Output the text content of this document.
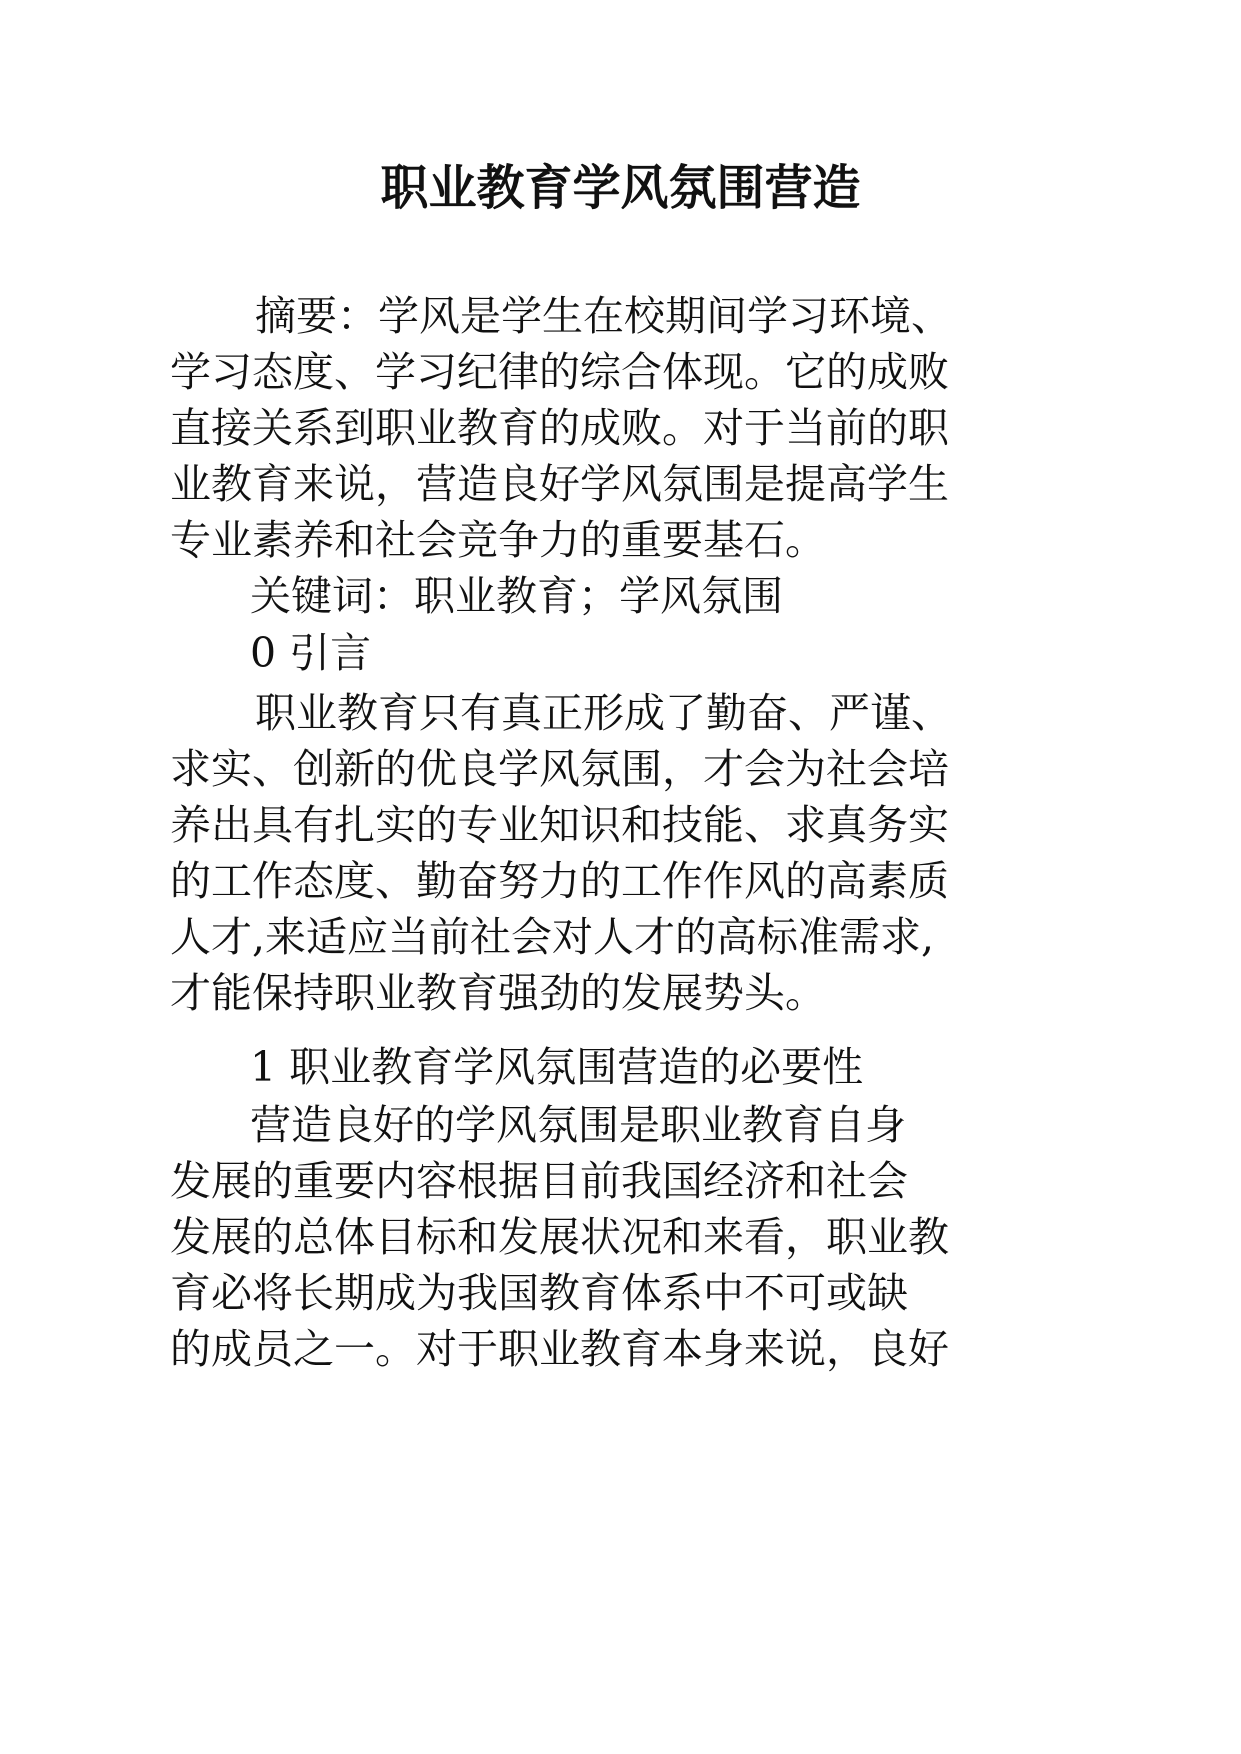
职业教育学风氛围营造

摘要：学风是学生在校期间学习环境、

学习态度、学习纪律的综合体现。它的成败

直接关系到职业教育的成败。对于当前的职

业教育来说，营造良好学风氛围是提高学生

专业素养和社会竞争力的重要基石。

关键词：职业教育；学风氛围

0 引言

职业教育只有真正形成了勤奋、严谨、

求实、创新的优良学风氛围，才会为社会培

养出具有扎实的专业知识和技能、求真务实

的工作态度、勤奋努力的工作作风的高素质

人才,来适应当前社会对人才的高标准需求,

才能保持职业教育强劲的发展势头。

1 职业教育学风氛围营造的必要性

营造良好的学风氛围是职业教育自身

发展的重要内容根据目前我国经济和社会

发展的总体目标和发展状况和来看，职业教

育必将长期成为我国教育体系中不可或缺

的成员之一。对于职业教育本身来说，良好
